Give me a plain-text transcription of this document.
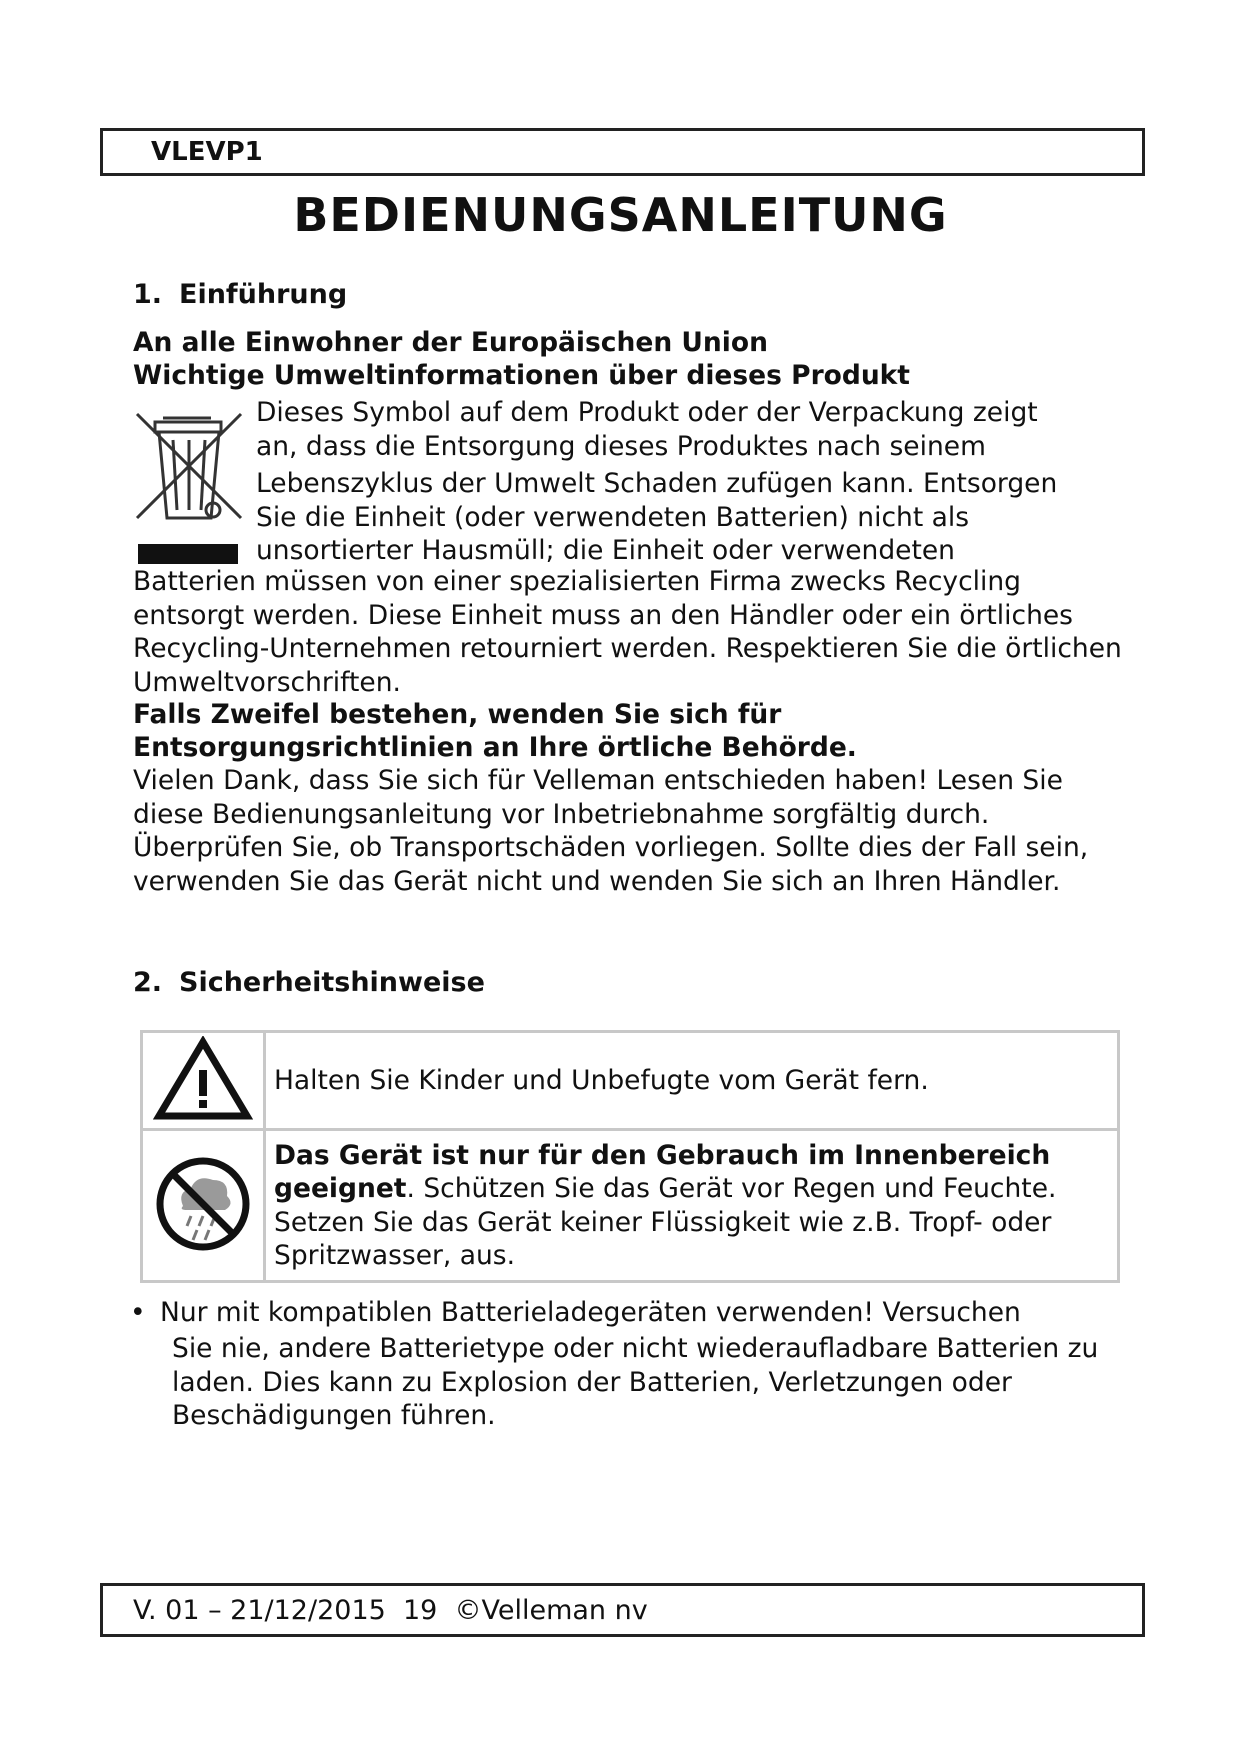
VLEVP1
BEDIENUNGSANLEITUNG
1. Einführung
An alle Einwohner der Europäischen Union
Wichtige Umweltinformationen über dieses Produkt
Dieses Symbol auf dem Produkt oder der Verpackung zeigt
an, dass die Entsorgung dieses Produktes nach seinem
Lebenszyklus der Umwelt Schaden zufügen kann. Entsorgen
Sie die Einheit (oder verwendeten Batterien) nicht als
unsortierter Hausmüll; die Einheit oder verwendeten
Batterien müssen von einer spezialisierten Firma zwecks Recycling entsorgt werden. Diese Einheit muss an den Händler oder ein örtliches Recycling-Unternehmen retourniert werden. Respektieren Sie die örtlichen Umweltvorschriften.
Falls Zweifel bestehen, wenden Sie sich für
Entsorgungsrichtlinien an Ihre örtliche Behörde.
Vielen Dank, dass Sie sich für Velleman entschieden haben! Lesen Sie diese Bedienungsanleitung vor Inbetriebnahme sorgfältig durch. Überprüfen Sie, ob Transportschäden vorliegen. Sollte dies der Fall sein, verwenden Sie das Gerät nicht und wenden Sie sich an Ihren Händler.
2. Sicherheitshinweise
	Halten Sie Kinder und Unbefugte vom Gerät fern.
	Das Gerät ist nur für den Gebrauch im Innenbereich geeignet. Schützen Sie das Gerät vor Regen und Feuchte. Setzen Sie das Gerät keiner Flüssigkeit wie z.B. Tropf- oder Spritzwasser, aus.
• Nur mit kompatiblen Batterieladegeräten verwenden! Versuchen
Sie nie, andere Batterietype oder nicht wiederaufladbare Batterien zu laden. Dies kann zu Explosion der Batterien, Verletzungen oder Beschädigungen führen.
V. 01 – 21/12/2015  19  ©Velleman nv
